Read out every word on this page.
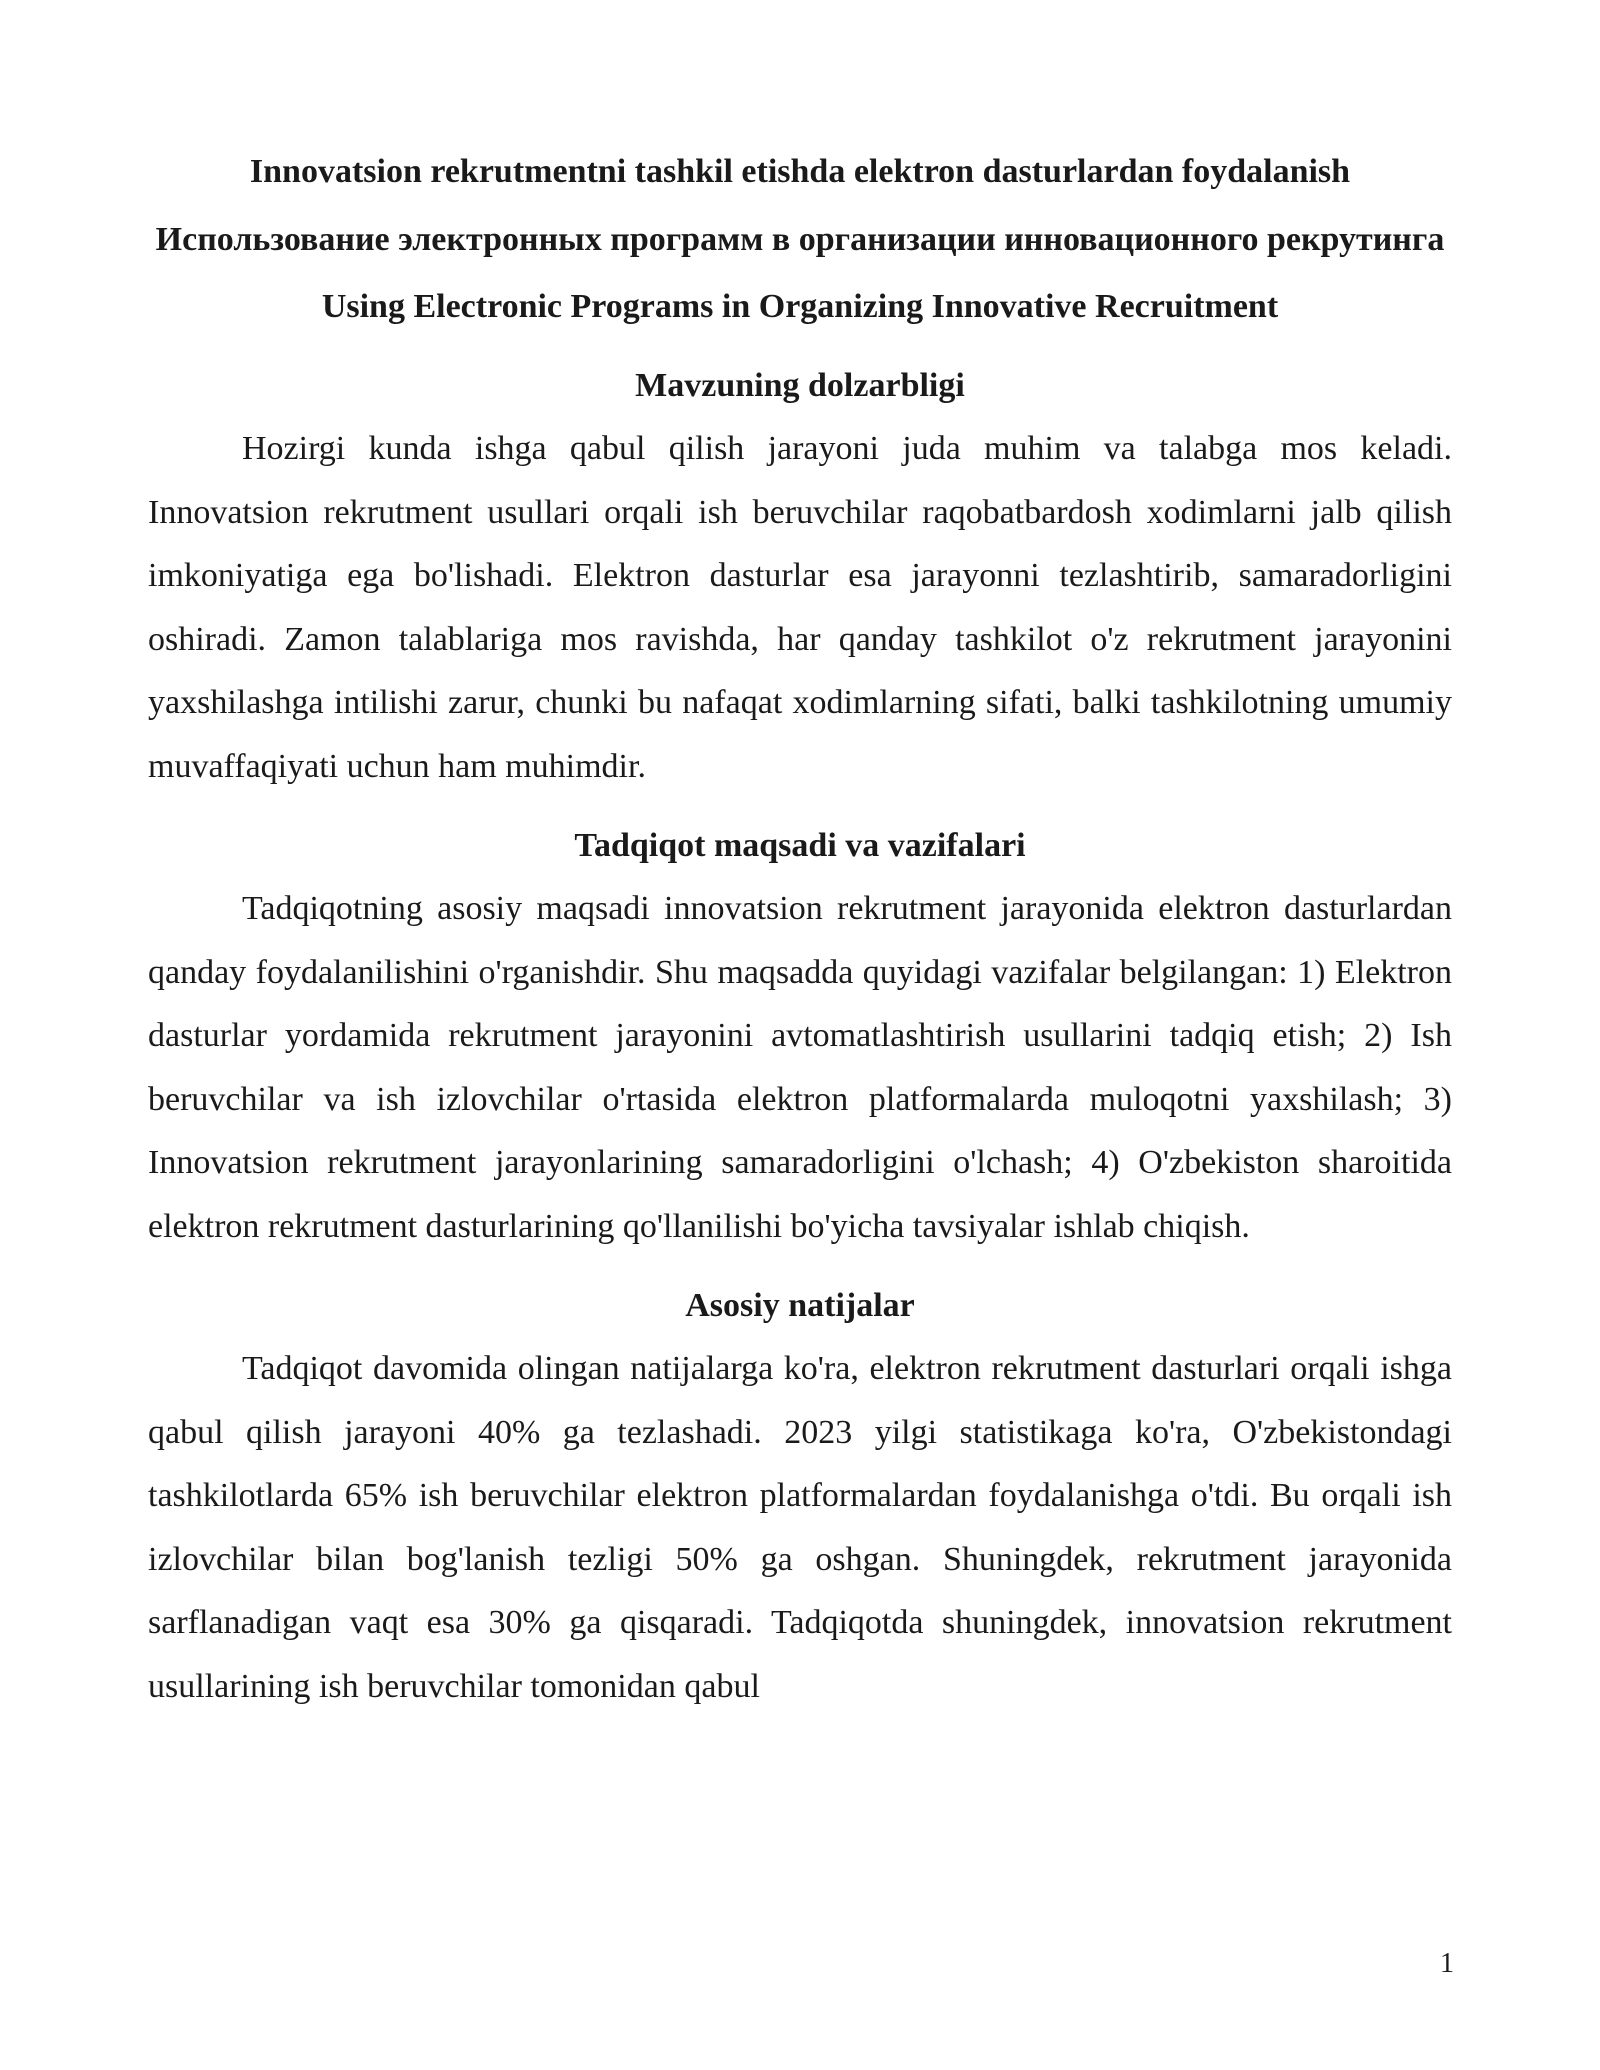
Innovatsion rekrutmentni tashkil etishda elektron dasturlardan foydalanish
Использование электронных программ в организации инновационного рекрутинга
Using Electronic Programs in Organizing Innovative Recruitment
Mavzuning dolzarbligi

Hozirgi kunda ishga qabul qilish jarayoni juda muhim va talabga mos keladi. Innovatsion rekrutment usullari orqali ish beruvchilar raqobatbardosh xodimlarni jalb qilish imkoniyatiga ega bo'lishadi. Elektron dasturlar esa jarayonni tezlashtirib, samaradorligini oshiradi. Zamon talablariga mos ravishda, har qanday tashkilot o'z rekrutment jarayonini yaxshilashga intilishi zarur, chunki bu nafaqat xodimlarning sifati, balki tashkilotning umumiy muvaffaqiyati uchun ham muhimdir.

Tadqiqot maqsadi va vazifalari

Tadqiqotning asosiy maqsadi innovatsion rekrutment jarayonida elektron dasturlardan qanday foydalanilishini o'rganishdir. Shu maqsadda quyidagi vazifalar belgilangan: 1) Elektron dasturlar yordamida rekrutment jarayonini avtomatlashtirish usullarini tadqiq etish; 2) Ish beruvchilar va ish izlovchilar o'rtasida elektron platformalarda muloqotni yaxshilash; 3) Innovatsion rekrutment jarayonlarining samaradorligini o'lchash; 4) O'zbekiston sharoitida elektron rekrutment dasturlarining qo'llanilishi bo'yicha tavsiyalar ishlab chiqish.

Asosiy natijalar

Tadqiqot davomida olingan natijalarga ko'ra, elektron rekrutment dasturlari orqali ishga qabul qilish jarayoni 40% ga tezlashadi. 2023 yilgi statistikaga ko'ra, O'zbekistondagi tashkilotlarda 65% ish beruvchilar elektron platformalardan foydalanishga o'tdi. Bu orqali ish izlovchilar bilan bog'lanish tezligi 50% ga oshgan. Shuningdek, rekrutment jarayonida sarflanadigan vaqt esa 30% ga qisqaradi. Tadqiqotda shuningdek, innovatsion rekrutment usullarining ish beruvchilar tomonidan qabul

1
